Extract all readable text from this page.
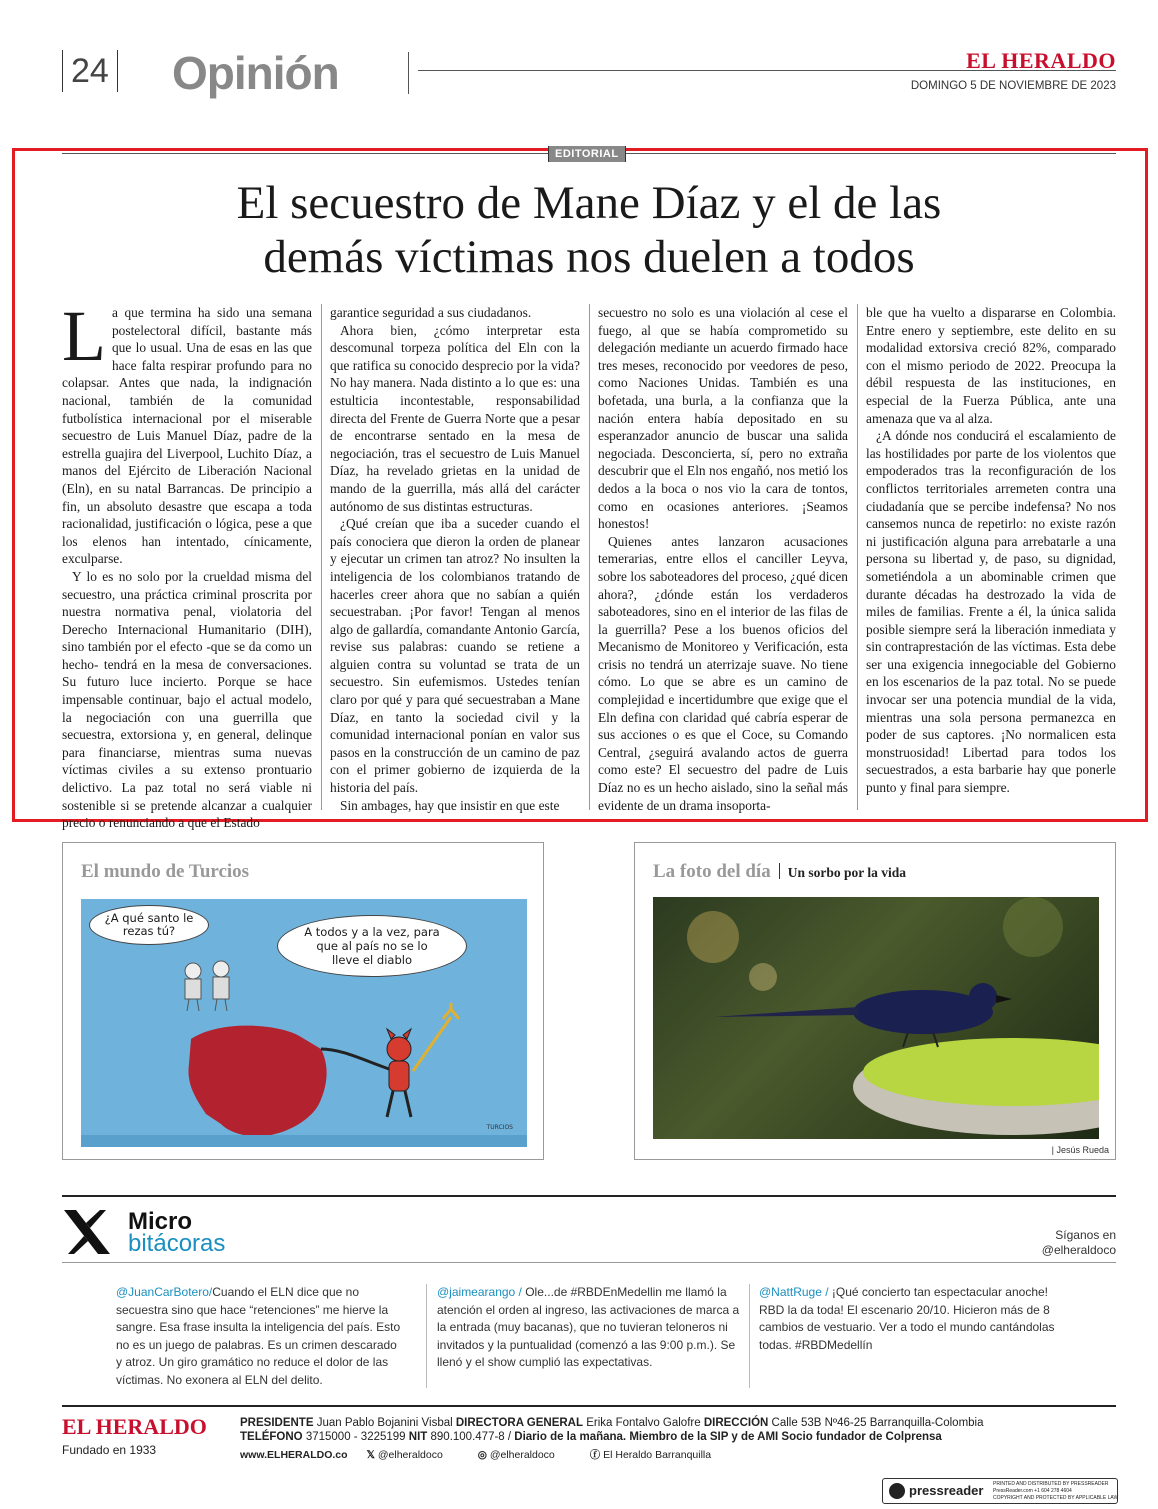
24 Opinión	EL HERALDO
DOMINGO 5 DE NOVIEMBRE DE 2023
EDITORIAL
El secuestro de Mane Díaz y el de las
demás víctimas nos duelen a todos

La que termina ha sido una semana postelectoral difícil, bastante más que lo usual. Una de esas en las que hace falta respirar profundo para no colapsar. Antes que nada, la indignación nacional, también de la comunidad futbolística internacional por el miserable secuestro de Luis Manuel Díaz, padre de la estrella guajira del Liverpool, Luchito Díaz, a manos del Ejército de Liberación Nacional (Eln), en su natal Barrancas. De principio a fin, un absoluto desastre que escapa a toda racionalidad, justificación o lógica, pese a que los elenos han intentado, cínicamente, exculparse.

Y lo es no solo por la crueldad misma del secuestro, una práctica criminal proscrita por nuestra normativa penal, violatoria del Derecho Internacional Humanitario (DIH), sino también por el efecto -que se da como un hecho- tendrá en la mesa de conversaciones. Su futuro luce incierto. Porque se hace impensable continuar, bajo el actual modelo, la negociación con una guerrilla que secuestra, extorsiona y, en general, delinque para financiarse, mientras suma nuevas víctimas civiles a su extenso prontuario delictivo. La paz total no será viable ni sostenible si se pretende alcanzar a cualquier precio o renunciando a que el Estado

garantice seguridad a sus ciudadanos.

Ahora bien, ¿cómo interpretar esta descomunal torpeza política del Eln con la que ratifica su conocido desprecio por la vida? No hay manera. Nada distinto a lo que es: una estulticia incontestable, responsabilidad directa del Frente de Guerra Norte que a pesar de encontrarse sentado en la mesa de negociación, tras el secuestro de Luis Manuel Díaz, ha revelado grietas en la unidad de mando de la guerrilla, más allá del carácter autónomo de sus distintas estructuras.

¿Qué creían que iba a suceder cuando el país conociera que dieron la orden de planear y ejecutar un crimen tan atroz? No insulten la inteligencia de los colombianos tratando de hacerles creer ahora que no sabían a quién secuestraban. ¡Por favor! Tengan al menos algo de gallardía, comandante Antonio García, revise sus palabras: cuando se retiene a alguien contra su voluntad se trata de un secuestro. Sin eufemismos. Ustedes tenían claro por qué y para qué secuestraban a Mane Díaz, en tanto la sociedad civil y la comunidad internacional ponían en valor sus pasos en la construcción de un camino de paz con el primer gobierno de izquierda de la historia del país.

Sin ambages, hay que insistir en que este

secuestro no solo es una violación al cese el fuego, al que se había comprometido su delegación mediante un acuerdo firmado hace tres meses, reconocido por veedores de peso, como Naciones Unidas. También es una bofetada, una burla, a la confianza que la nación entera había depositado en su esperanzador anuncio de buscar una salida negociada. Desconcierta, sí, pero no extraña descubrir que el Eln nos engañó, nos metió los dedos a la boca o nos vio la cara de tontos, como en ocasiones anteriores. ¡Seamos honestos!

Quienes antes lanzaron acusaciones temerarias, entre ellos el canciller Leyva, sobre los saboteadores del proceso, ¿qué dicen ahora?, ¿dónde están los verdaderos saboteadores, sino en el interior de las filas de la guerrilla? Pese a los buenos oficios del Mecanismo de Monitoreo y Verificación, esta crisis no tendrá un aterrizaje suave. No tiene cómo. Lo que se abre es un camino de complejidad e incertidumbre que exige que el Eln defina con claridad qué cabría esperar de sus acciones o es que el Coce, su Comando Central, ¿seguirá avalando actos de guerra como este? El secuestro del padre de Luis Díaz no es un hecho aislado, sino la señal más evidente de un drama insoporta-

ble que ha vuelto a dispararse en Colombia. Entre enero y septiembre, este delito en su modalidad extorsiva creció 82%, comparado con el mismo periodo de 2022. Preocupa la débil respuesta de las instituciones, en especial de la Fuerza Pública, ante una amenaza que va al alza.

¿A dónde nos conducirá el escalamiento de las hostilidades por parte de los violentos que empoderados tras la reconfiguración de los conflictos territoriales arremeten contra una ciudadanía que se percibe indefensa? No nos cansemos nunca de repetirlo: no existe razón ni justificación alguna para arrebatarle a una persona su libertad y, de paso, su dignidad, sometiéndola a un abominable crimen que durante décadas ha destrozado la vida de miles de familias. Frente a él, la única salida posible siempre será la liberación inmediata y sin contraprestación de las víctimas. Esta debe ser una exigencia innegociable del Gobierno en los escenarios de la paz total. No se puede invocar ser una potencia mundial de la vida, mientras una sola persona permanezca en poder de sus captores. ¡No normalicen esta monstruosidad! Libertad para todos los secuestrados, a esta barbarie hay que ponerle punto y final para siempre.

El mundo de Turcios
¿A qué santo le rezas tú?	A todos y a la vez, para que al país no se lo lleve el diablo
TURCIOS
La foto del día Un sorbo por la vida
| Jesús Rueda
Micro
bitácoras	Síganos en
@elheraldoco
@JuanCarBotero/Cuando el ELN dice que no secuestra sino que hace “retenciones” me hierve la sangre. Esa frase insulta la inteligencia del país. Esto no es un juego de palabras. Es un crimen descarado y atroz. Un giro gramático no reduce el dolor de las víctimas. No exonera al ELN del delito.
@jaimearango / Ole...de #RBDEnMedellin me llamó la atención el orden al ingreso, las activaciones de marca a la entrada (muy bacanas), que no tuvieran teloneros ni invitados y la puntualidad (comenzó a las 9:00 p.m.). Se llenó y el show cumplió las expectativas.
@NattRuge / ¡Qué concierto tan espectacular anoche! RBD la da toda! El escenario 20/10. Hicieron más de 8 cambios de vestuario. Ver a todo el mundo cantándolas todas. #RBDMedellín
EL HERALDO
Fundado en 1933
PRESIDENTE Juan Pablo Bojanini Visbal DIRECTORA GENERAL Erika Fontalvo Galofre DIRECCIÓN Calle 53B Nº46-25 Barranquilla-Colombia
TELÉFONO 3715000 - 3225199 NIT 890.100.477-8 / Diario de la mañana. Miembro de la SIP y de AMI Socio fundador de Colprensa
www.ELHERALDO.co 𝕏 @elheraldoco	◎ @elheraldoco	ⓕ El Heraldo Barranquilla
pressreader PRINTED AND DISTRIBUTED BY PRESSREADER
PressReader.com +1 604 278 4604
COPYRIGHT AND PROTECTED BY APPLICABLE LAW
